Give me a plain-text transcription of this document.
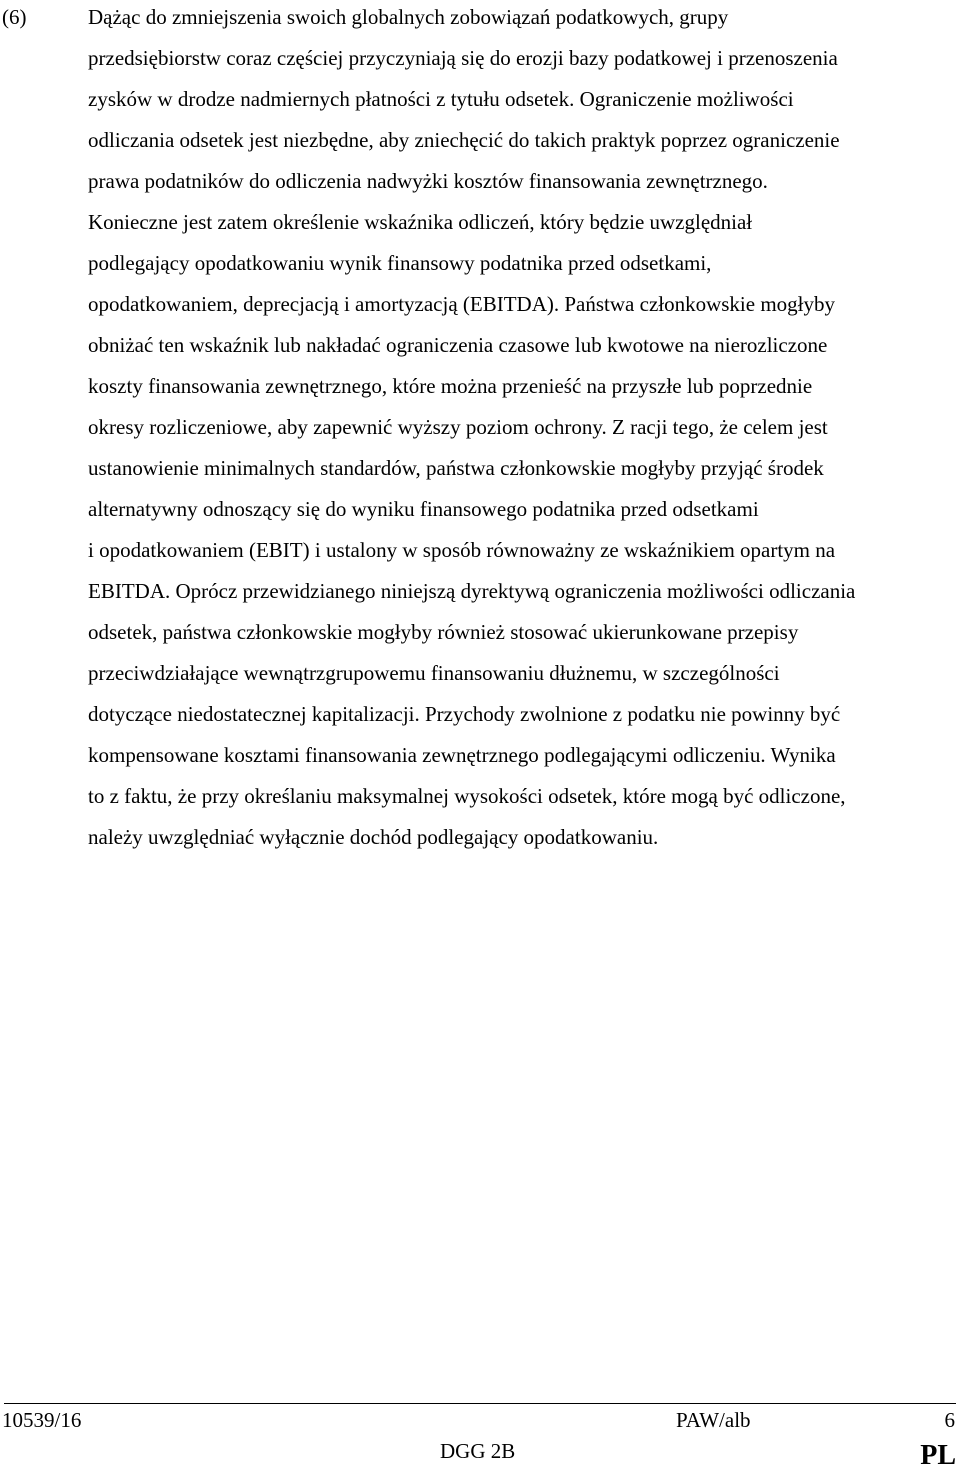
(6)	Dążąc do zmniejszenia swoich globalnych zobowiązań podatkowych, grupy
przedsiębiorstw coraz częściej przyczyniają się do erozji bazy podatkowej i przenoszenia
zysków w drodze nadmiernych płatności z tytułu odsetek. Ograniczenie możliwości
odliczania odsetek jest niezbędne, aby zniechęcić do takich praktyk poprzez ograniczenie
prawa podatników do odliczenia nadwyżki kosztów finansowania zewnętrznego.
Konieczne jest zatem określenie wskaźnika odliczeń, który będzie uwzględniał
podlegający opodatkowaniu wynik finansowy podatnika przed odsetkami,
opodatkowaniem, deprecjacją i amortyzacją (EBITDA). Państwa członkowskie mogłyby
obniżać ten wskaźnik lub nakładać ograniczenia czasowe lub kwotowe na nierozliczone
koszty finansowania zewnętrznego, które można przenieść na przyszłe lub poprzednie
okresy rozliczeniowe, aby zapewnić wyższy poziom ochrony. Z racji tego, że celem jest
ustanowienie minimalnych standardów, państwa członkowskie mogłyby przyjąć środek
alternatywny odnoszący się do wyniku finansowego podatnika przed odsetkami
i opodatkowaniem (EBIT) i ustalony w sposób równoważny ze wskaźnikiem opartym na
EBITDA. Oprócz przewidzianego niniejszą dyrektywą ograniczenia możliwości odliczania
odsetek, państwa członkowskie mogłyby również stosować ukierunkowane przepisy
przeciwdziałające wewnątrzgrupowemu finansowaniu dłużnemu, w szczególności
dotyczące niedostatecznej kapitalizacji. Przychody zwolnione z podatku nie powinny być
kompensowane kosztami finansowania zewnętrznego podlegającymi odliczeniu. Wynika
to z faktu, że przy określaniu maksymalnej wysokości odsetek, które mogą być odliczone,
należy uwzględniać wyłącznie dochód podlegający opodatkowaniu.
10539/16	PAW/alb	6
DGG 2B	PL
